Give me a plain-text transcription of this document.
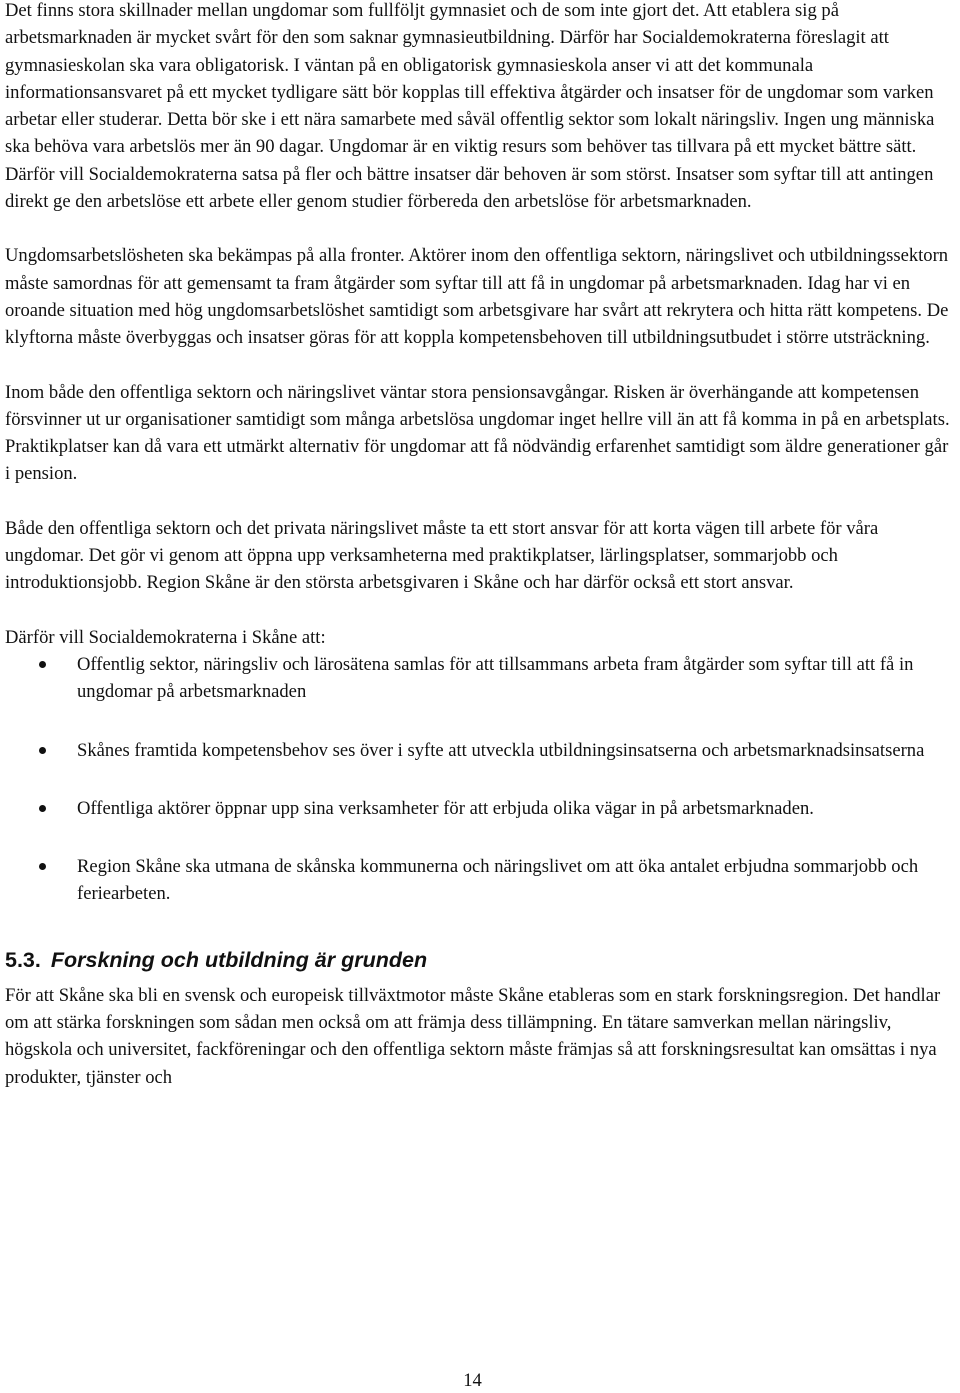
Det finns stora skillnader mellan ungdomar som fullföljt gymnasiet och de som inte gjort det. Att etablera sig på arbetsmarknaden är mycket svårt för den som saknar gymnasieutbildning. Därför har Socialdemokraterna föreslagit att gymnasieskolan ska vara obligatorisk. I väntan på en obligatorisk gymnasieskola anser vi att det kommunala informationsansvaret på ett mycket tydligare sätt bör kopplas till effektiva åtgärder och insatser för de ungdomar som varken arbetar eller studerar. Detta bör ske i ett nära samarbete med såväl offentlig sektor som lokalt näringsliv. Ingen ung människa ska behöva vara arbetslös mer än 90 dagar. Ungdomar är en viktig resurs som behöver tas tillvara på ett mycket bättre sätt. Därför vill Socialdemokraterna satsa på fler och bättre insatser där behoven är som störst. Insatser som syftar till att antingen direkt ge den arbetslöse ett arbete eller genom studier förbereda den arbetslöse för arbetsmarknaden.

Ungdomsarbetslösheten ska bekämpas på alla fronter. Aktörer inom den offentliga sektorn, näringslivet och utbildningssektorn måste samordnas för att gemensamt ta fram åtgärder som syftar till att få in ungdomar på arbetsmarknaden. Idag har vi en oroande situation med hög ungdomsarbetslöshet samtidigt som arbetsgivare har svårt att rekrytera och hitta rätt kompetens. De klyftorna måste överbyggas och insatser göras för att koppla kompetensbehoven till utbildningsutbudet i större utsträckning.

Inom både den offentliga sektorn och näringslivet väntar stora pensionsavgångar. Risken är överhängande att kompetensen försvinner ut ur organisationer samtidigt som många arbetslösa ungdomar inget hellre vill än att få komma in på en arbetsplats. Praktikplatser kan då vara ett utmärkt alternativ för ungdomar att få nödvändig erfarenhet samtidigt som äldre generationer går i pension.

Både den offentliga sektorn och det privata näringslivet måste ta ett stort ansvar för att korta vägen till arbete för våra ungdomar. Det gör vi genom att öppna upp verksamheterna med praktikplatser, lärlingsplatser, sommarjobb och introduktionsjobb. Region Skåne är den största arbetsgivaren i Skåne och har därför också ett stort ansvar.

Därför vill Socialdemokraterna i Skåne att:

Offentlig sektor, näringsliv och lärosätena samlas för att tillsammans arbeta fram åtgärder som syftar till att få in ungdomar på arbetsmarknaden
Skånes framtida kompetensbehov ses över i syfte att utveckla utbildningsinsatserna och arbetsmarknadsinsatserna
Offentliga aktörer öppnar upp sina verksamheter för att erbjuda olika vägar in på arbetsmarknaden.
Region Skåne ska utmana de skånska kommunerna och näringslivet om att öka antalet erbjudna sommarjobb och feriearbeten.
5.3. Forskning och utbildning är grunden

För att Skåne ska bli en svensk och europeisk tillväxtmotor måste Skåne etableras som en stark forskningsregion. Det handlar om att stärka forskningen som sådan men också om att främja dess tillämpning. En tätare samverkan mellan näringsliv, högskola och universitet, fackföreningar och den offentliga sektorn måste främjas så att forskningsresultat kan omsättas i nya produkter, tjänster och

14
